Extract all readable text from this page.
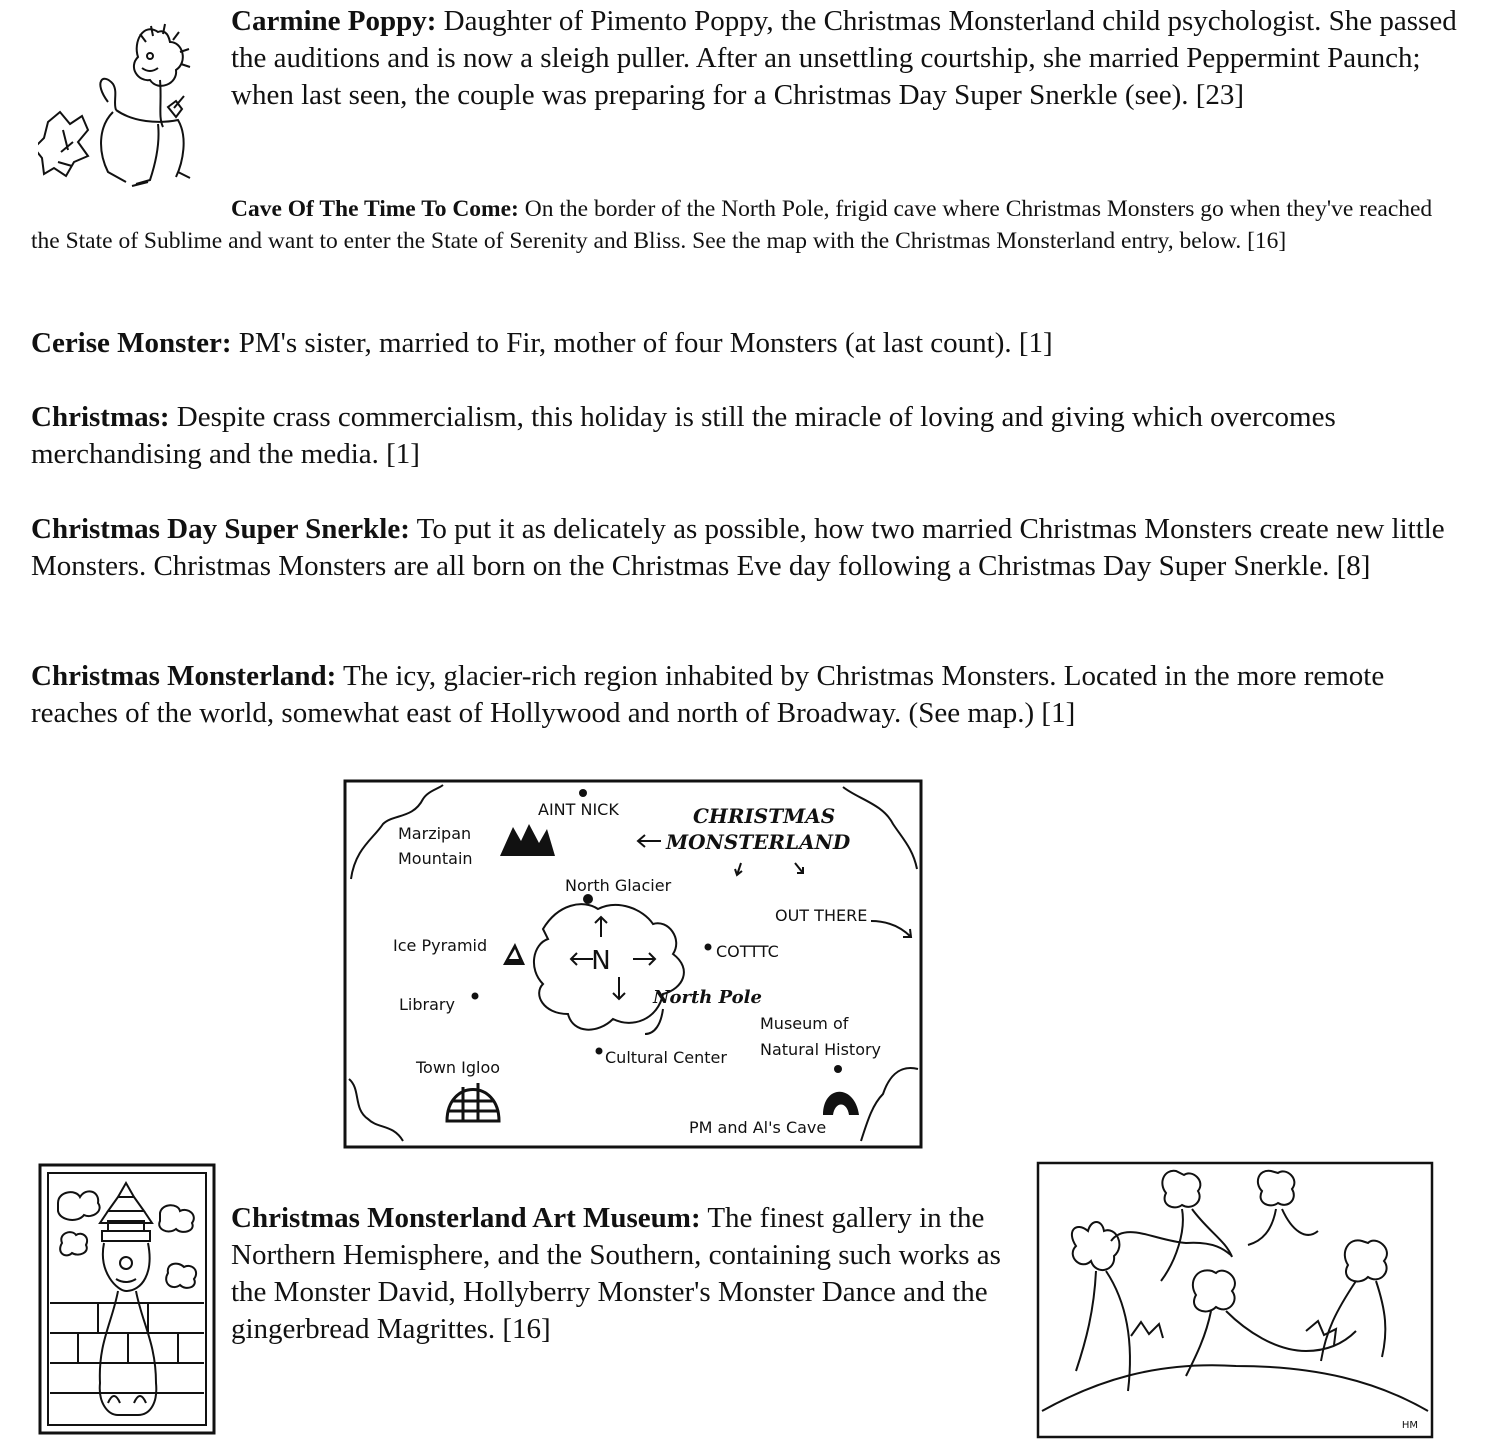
Carmine Poppy: Daughter of Pimento Poppy, the Christmas Monsterland child psychologist. She passed the auditions and is now a sleigh puller. After an unsettling courtship, she married Peppermint Paunch; when last seen, the couple was preparing for a Christmas Day Super Snerkle (see). [23]
Cave Of The Time To Come: On the border of the North Pole, frigid cave where Christmas Monsters go when they've reached the State of Sublime and want to enter the State of Serenity and Bliss. See the map with the Christmas Monsterland entry, below. [16]
Cerise Monster: PM's sister, married to Fir, mother of four Monsters (at last count). [1]
Christmas: Despite crass commercialism, this holiday is still the miracle of loving and giving which overcomes merchandising and the media. [1]
Christmas Day Super Snerkle: To put it as delicately as possible, how two married Christmas Monsters create new little Monsters. Christmas Monsters are all born on the Christmas Eve day following a Christmas Day Super Snerkle. [8]
Christmas Monsterland: The icy, glacier-rich region inhabited by Christmas Monsters. Located in the more remote reaches of the world, somewhat east of Hollywood and north of Broadway. (See map.) [1]
AINT NICK	CHRISTMAS
MONSTERLAND
Marzipan
Mountain
North Glacier
OUT THERE
Ice Pyramid	COTTTC
N
North Pole
Library
Museum of
Natural History
Cultural Center
Town Igloo
PM and Al's Cave
Christmas Monsterland Art Museum: The finest gallery in the Northern Hemisphere, and the Southern, containing such works as the Monster David, Hollyberry Monster's Monster Dance and the gingerbread Magrittes. [16]
HM
